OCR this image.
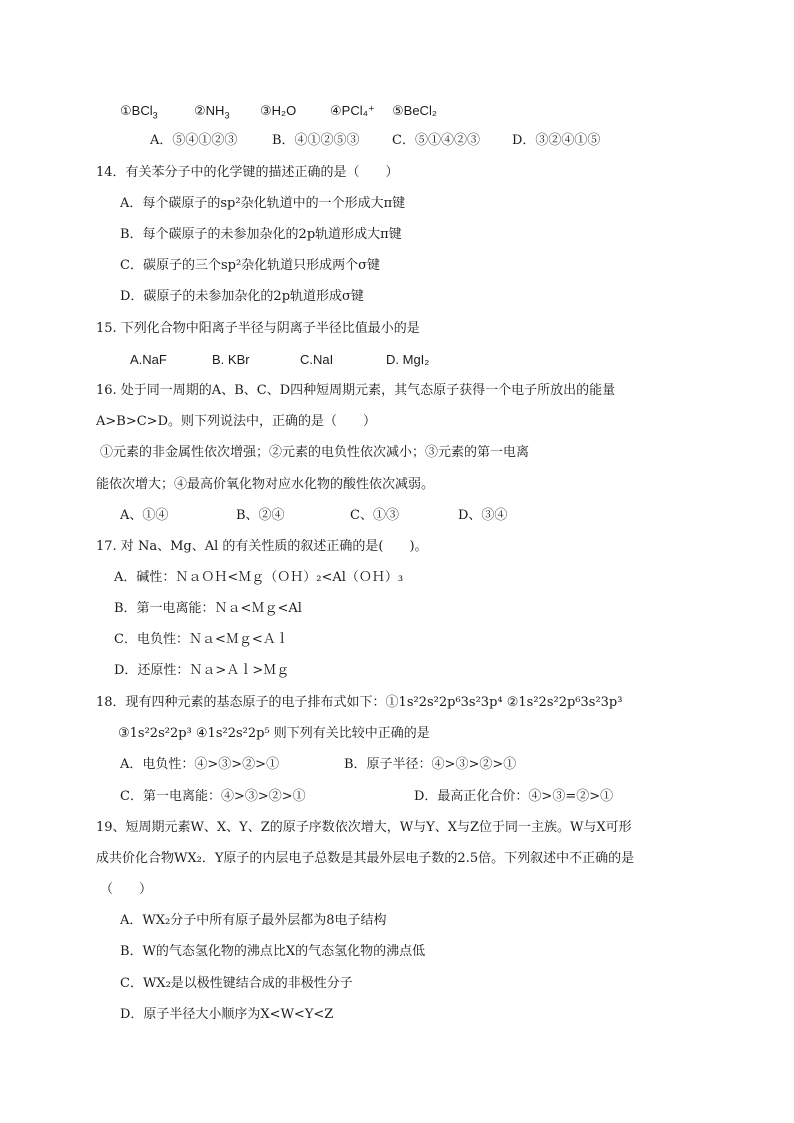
①BCl$_3$	$②NH_3$ ③H₂O	④PCl₄⁺ ⑤BeCl₂
A．⑤④①②③	B．④①②⑤③ C．⑤①④②③ D．③②④①⑤
14．有关苯分子中的化学键的描述正确的是（　　）
A．每个碳原子的sp²杂化轨道中的一个形成大π键
B．每个碳原子的未参加杂化的2p轨道形成大π键
C．碳原子的三个sp²杂化轨道只形成两个σ键
D．碳原子的未参加杂化的2p轨道形成σ键
15. 下列化合物中阳离子半径与阴离子半径比值最小的是
A.NaF	B. KBr	C.NaI	D. MgI₂
16. 处于同一周期的A、B、C、D四种短周期元素，其气态原子获得一个电子所放出的能量
A>B>C>D。则下列说法中，正确的是（　　）
①元素的非金属性依次增强；②元素的电负性依次减小；③元素的第一电离
能依次增大；④最高价氧化物对应水化物的酸性依次减弱。
A、①④	B、②④	C、①③	D、③④
17. 对 Na、Mg、Al 的有关性质的叙述正确的是(　　)。
A．碱性：ＮａＯＨ<Ｍｇ（ＯＨ）₂<Al（ＯＨ）₃
B．第一电离能：Ｎａ<Ｍｇ<Al
C．电负性：Ｎａ<Ｍｇ<Ａｌ
D．还原性：Ｎａ>Ａｌ>Ｍｇ
18．现有四种元素的基态原子的电子排布式如下：①1s²2s²2p⁶3s²3p⁴ ②1s²2s²2p⁶3s²3p³
③1s²2s²2p³ ④1s²2s²2p⁵ 则下列有关比较中正确的是
A．电负性：④>③>②>①	B．原子半径：④>③>②>①
C．第一电离能：④>③>②>①	D．最高正化合价：④>③=②>①
19、短周期元素W、X、Y、Z的原子序数依次增大，W与Y、X与Z位于同一主族。W与X可形
成共价化合物WX₂．Y原子的内层电子总数是其最外层电子数的2.5倍。下列叙述中不正确的是
（　　）
A．WX₂分子中所有原子最外层都为8电子结构
B．W的气态氢化物的沸点比X的气态氢化物的沸点低
C．WX₂是以极性键结合成的非极性分子
D．原子半径大小顺序为X<W<Y<Z
